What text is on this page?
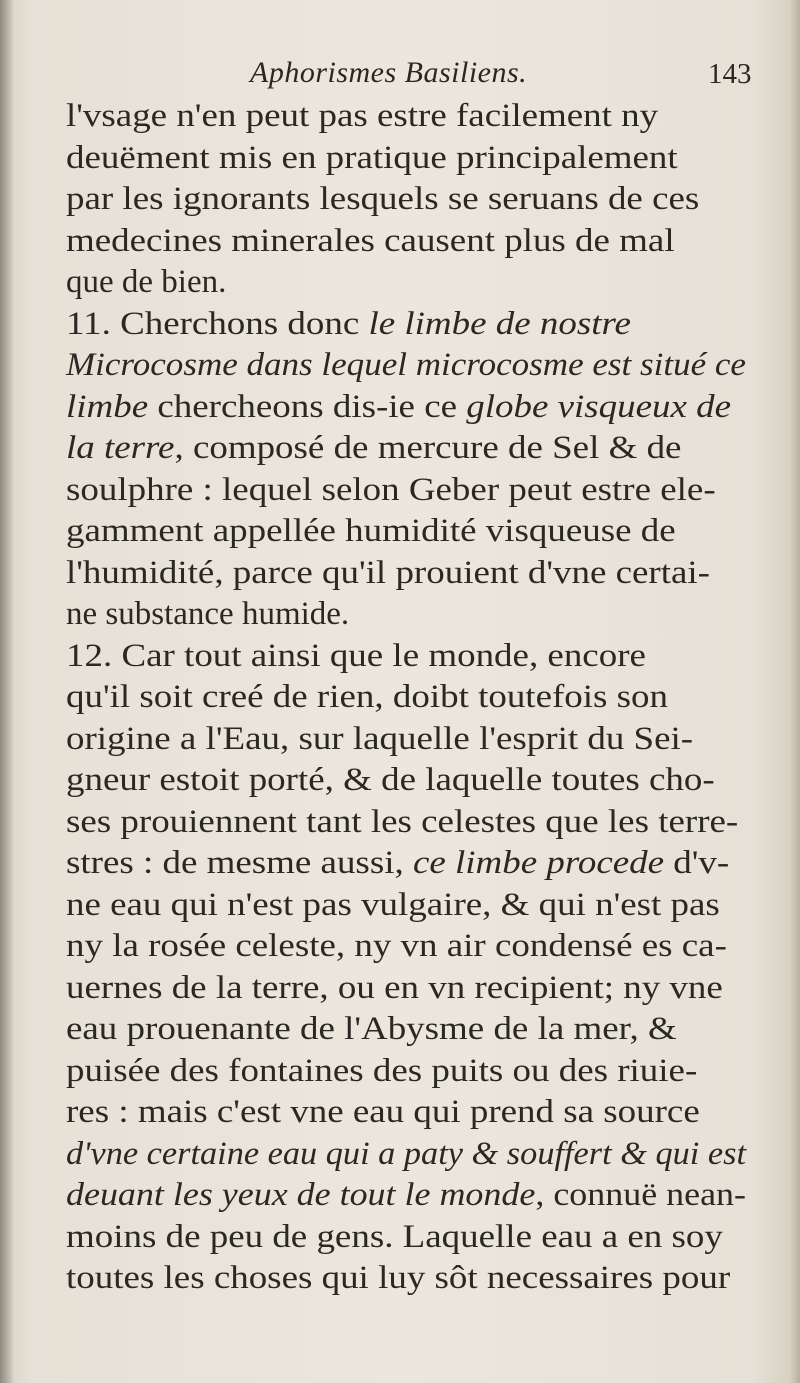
Aphorismes Basiliens.	143
l'vsage n'en peut pas estre facilement ny
deuëment mis en pratique principalement
par les ignorants lesquels se seruans de ces
medecines minerales causent plus de mal
que de bien.
11. Cherchons donc le limbe de nostre
Microcosme dans lequel microcosme est situé ce
limbe chercheons dis-ie ce globe visqueux de
la terre, composé de mercure de Sel & de
soulphre : lequel selon Geber peut estre ele-
gamment appellée humidité visqueuse de
l'humidité, parce qu'il prouient d'vne certai-
ne substance humide.
12. Car tout ainsi que le monde, encore
qu'il soit creé de rien, doibt toutefois son
origine a l'Eau, sur laquelle l'esprit du Sei-
gneur estoit porté, & de laquelle toutes cho-
ses prouiennent tant les celestes que les terre-
stres : de mesme aussi, ce limbe procede d'v-
ne eau qui n'est pas vulgaire, & qui n'est pas
ny la rosée celeste, ny vn air condensé es ca-
uernes de la terre, ou en vn recipient; ny vne
eau prouenante de l'Abysme de la mer, &
puisée des fontaines des puits ou des riuie-
res : mais c'est vne eau qui prend sa source
d'vne certaine eau qui a paty & souffert & qui est
deuant les yeux de tout le monde, connuë nean-
moins de peu de gens. Laquelle eau a en soy
toutes les choses qui luy sôt necessaires pour
